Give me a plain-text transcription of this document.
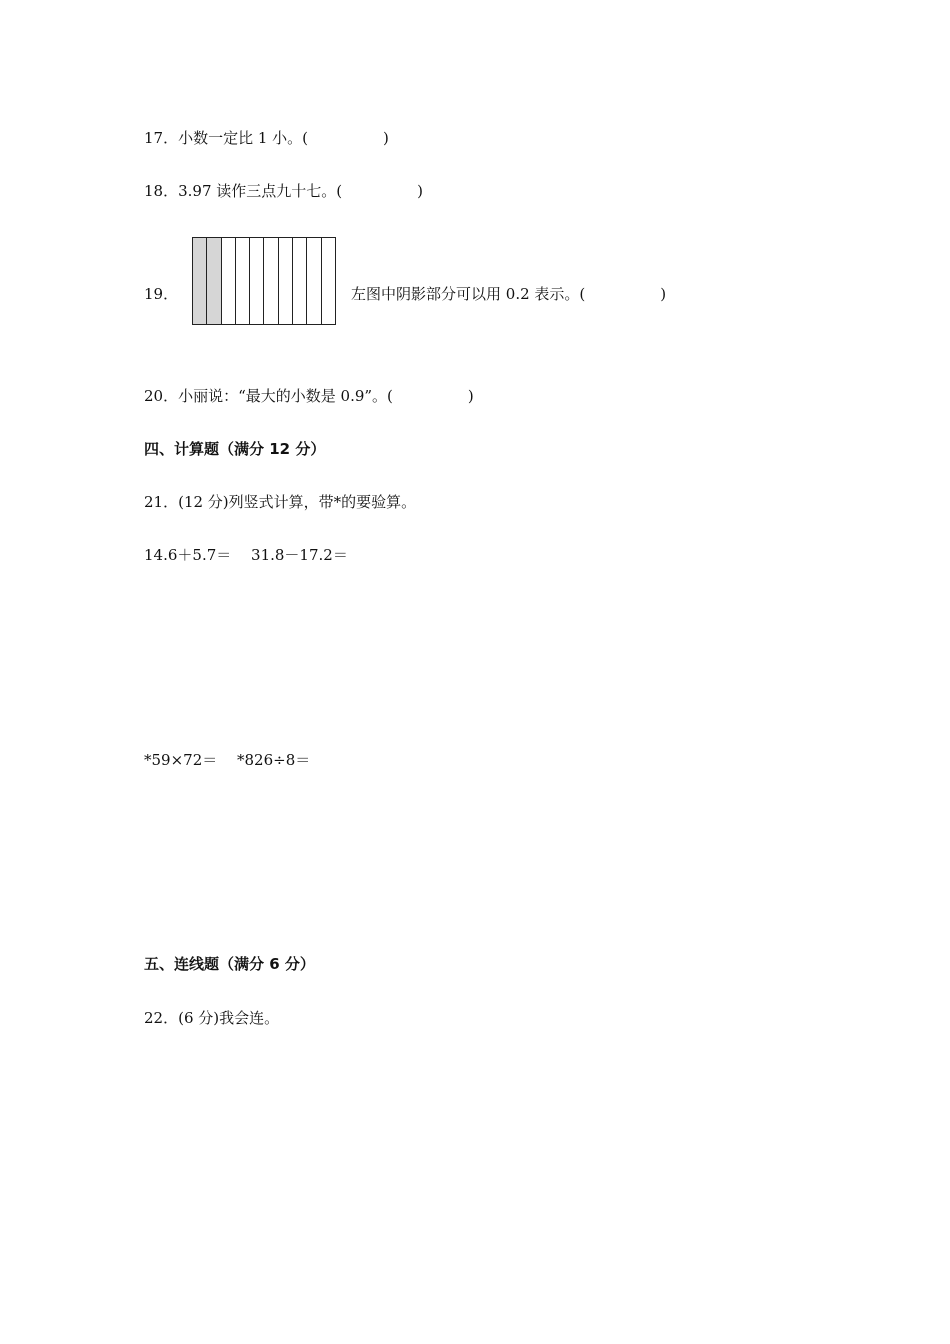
17．小数一定比 1 小。(　　　　　)
18．3.97 读作三点九十七。(　　　　　)
19．	左图中阴影部分可以用 0.2 表示。(　　　　　)
20．小丽说：“最大的小数是 0.9”。(　　　　　)
四、计算题（满分 12 分）
21．(12 分)列竖式计算，带*的要验算。
14.6＋5.7＝　 31.8－17.2＝
*59×72＝　 *826÷8＝
五、连线题（满分 6 分）
22．(6 分)我会连。
